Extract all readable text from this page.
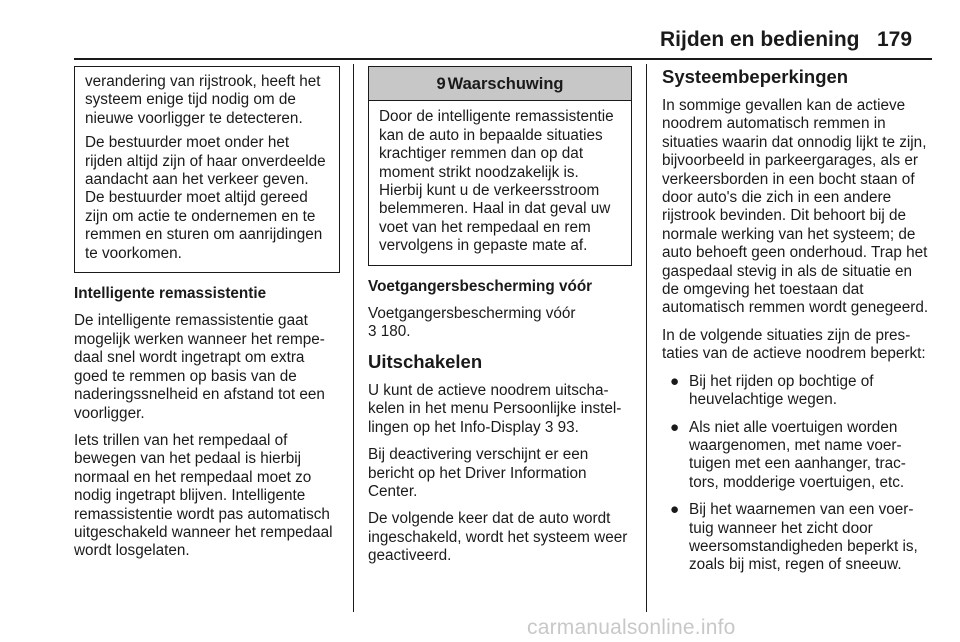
Rijden en bediening 179

verandering van rijstrook, heeft het systeem enige tijd nodig om de nieuwe voorligger te detecteren.

De bestuurder moet onder het rijden altijd zijn of haar onverdeelde aandacht aan het verkeer geven. De bestuurder moet altijd gereed zijn om actie te ondernemen en te remmen en sturen om aanrijdingen te voorkomen.

Intelligente remassistentie

De intelligente remassistentie gaat mogelijk werken wanneer het rempedaal snel wordt ingetrapt om extra goed te remmen op basis van de naderingssnelheid en afstand tot een voorligger.

Iets trillen van het rempedaal of bewegen van het pedaal is hierbij normaal en het rempedaal moet zo nodig ingetrapt blijven. Intelligente remassistentie wordt pas automatisch uitgeschakeld wanneer het rempedaal wordt losgelaten.

9 Waarschuwing
Door de intelligente remassistentie kan de auto in bepaalde situaties krachtiger remmen dan op dat moment strikt noodzakelijk is. Hierbij kunt u de verkeersstroom belemmeren. Haal in dat geval uw voet van het rempedaal en rem vervolgens in gepaste mate af.

Voetgangersbescherming vóór

Voetgangersbescherming vóór
3 180.

Uitschakelen

U kunt de actieve noodrem uitschakelen in het menu Persoonlijke instellingen op het Info-Display 3 93.

Bij deactivering verschijnt er een bericht op het Driver Information Center.

De volgende keer dat de auto wordt ingeschakeld, wordt het systeem weer geactiveerd.

Systeembeperkingen

In sommige gevallen kan de actieve noodrem automatisch remmen in situaties waarin dat onnodig lijkt te zijn, bijvoorbeeld in parkeergarages, als er verkeersborden in een bocht staan of door auto's die zich in een andere rijstrook bevinden. Dit behoort bij de normale werking van het systeem; de auto behoeft geen onderhoud. Trap het gaspedaal stevig in als de situatie en de omgeving het toestaan dat automatisch remmen wordt genegeerd.

In de volgende situaties zijn de prestaties van de actieve noodrem beperkt:

● Bij het rijden op bochtige of heuvelachtige wegen.
● Als niet alle voertuigen worden waargenomen, met name voertuigen met een aanhanger, tractors, modderige voertuigen, etc.
● Bij het waarnemen van een voertuig wanneer het zicht door weersomstandigheden beperkt is, zoals bij mist, regen of sneeuw.
carmanualsonline.info
